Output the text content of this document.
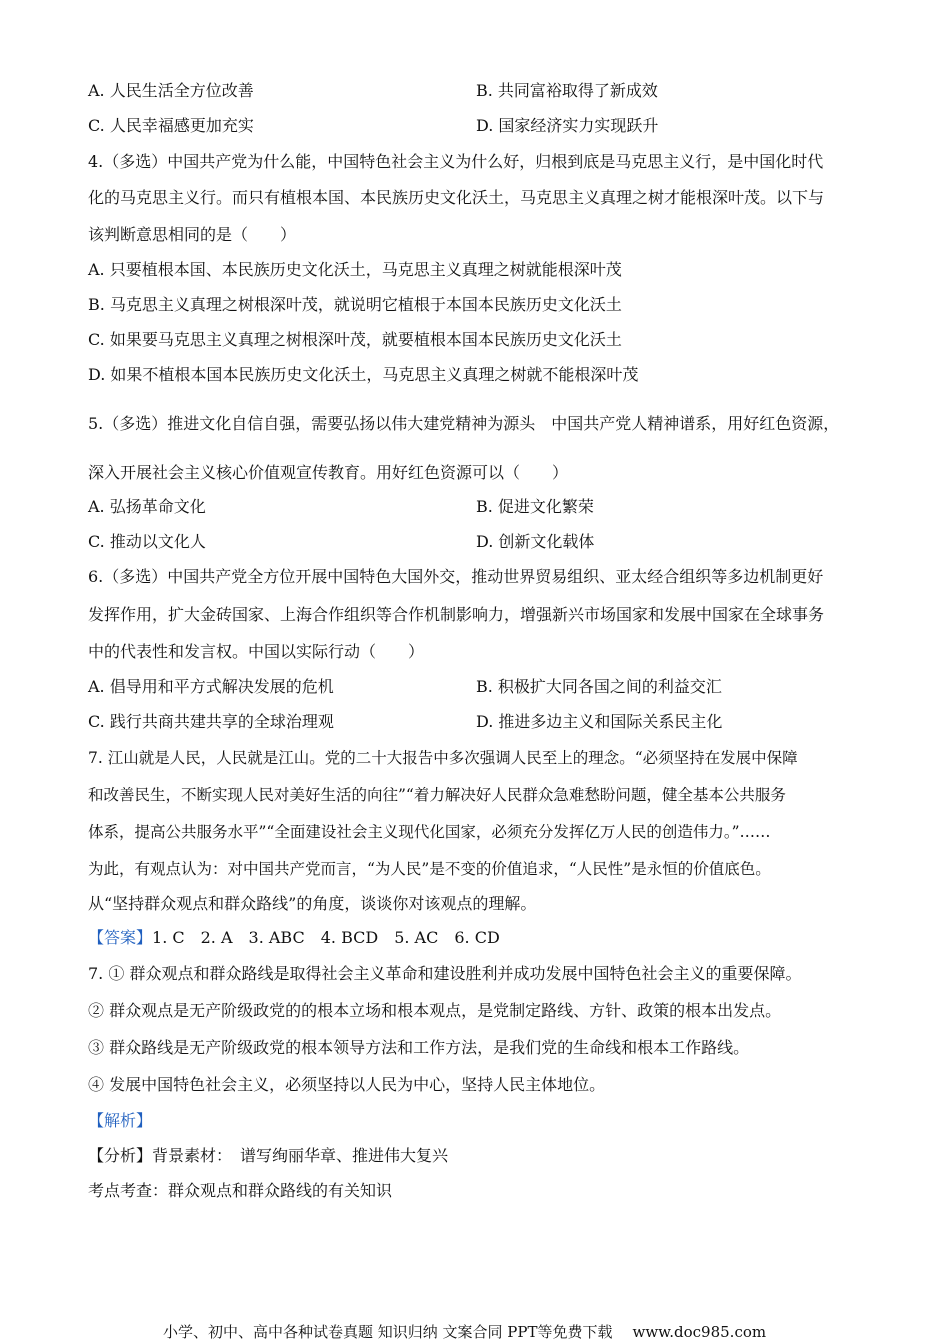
A. 人民生活全方位改善	B. 共同富裕取得了新成效
C. 人民幸福感更加充实	D. 国家经济实力实现跃升
4.（多选）中国共产党为什么能，中国特色社会主义为什么好，归根到底是马克思主义行，是中国化时代
化的马克思主义行。而只有植根本国、本民族历史文化沃土，马克思主义真理之树才能根深叶茂。以下与
该判断意思相同的是（　　）
A. 只要植根本国、本民族历史文化沃土，马克思主义真理之树就能根深叶茂
B. 马克思主义真理之树根深叶茂，就说明它植根于本国本民族历史文化沃土
C. 如果要马克思主义真理之树根深叶茂，就要植根本国本民族历史文化沃土
D. 如果不植根本国本民族历史文化沃土，马克思主义真理之树就不能根深叶茂
5.（多选）推进文化自信自强，需要弘扬以伟大建党精神为源头　中国共产党人精神谱系，用好红色资源，
深入开展社会主义核心价值观宣传教育。用好红色资源可以（　　）
A. 弘扬革命文化	B. 促进文化繁荣
C. 推动以文化人	D. 创新文化载体
6.（多选）中国共产党全方位开展中国特色大国外交，推动世界贸易组织、亚太经合组织等多边机制更好
发挥作用，扩大金砖国家、上海合作组织等合作机制影响力，增强新兴市场国家和发展中国家在全球事务
中的代表性和发言权。中国以实际行动（　　）
A. 倡导用和平方式解决发展的危机	B. 积极扩大同各国之间的利益交汇
C. 践行共商共建共享的全球治理观	D. 推进多边主义和国际关系民主化
7. 江山就是人民，人民就是江山。党的二十大报告中多次强调人民至上的理念。“必须坚持在发展中保障
和改善民生，不断实现人民对美好生活的向往”“着力解决好人民群众急难愁盼问题，健全基本公共服务
体系，提高公共服务水平”“全面建设社会主义现代化国家，必须充分发挥亿万人民的创造伟力。”……
为此，有观点认为：对中国共产党而言，“为人民”是不变的价值追求，“人民性”是永恒的价值底色。
从“坚持群众观点和群众路线”的角度，谈谈你对该观点的理解。
【答案】1. C　2. A　3. ABC　4. BCD　5. AC　6. CD
7. ① 群众观点和群众路线是取得社会主义革命和建设胜利并成功发展中国特色社会主义的重要保障。
② 群众观点是无产阶级政党的的根本立场和根本观点，是党制定路线、方针、政策的根本出发点。
③ 群众路线是无产阶级政党的根本领导方法和工作方法，是我们党的生命线和根本工作路线。
④ 发展中国特色社会主义，必须坚持以人民为中心，坚持人民主体地位。
【解析】
【分析】背景素材：　谱写绚丽华章、推进伟大复兴
考点考查：群众观点和群众路线的有关知识
小学、初中、高中各种试卷真题 知识归纳 文案合同 PPT等免费下载 www.doc985.com
